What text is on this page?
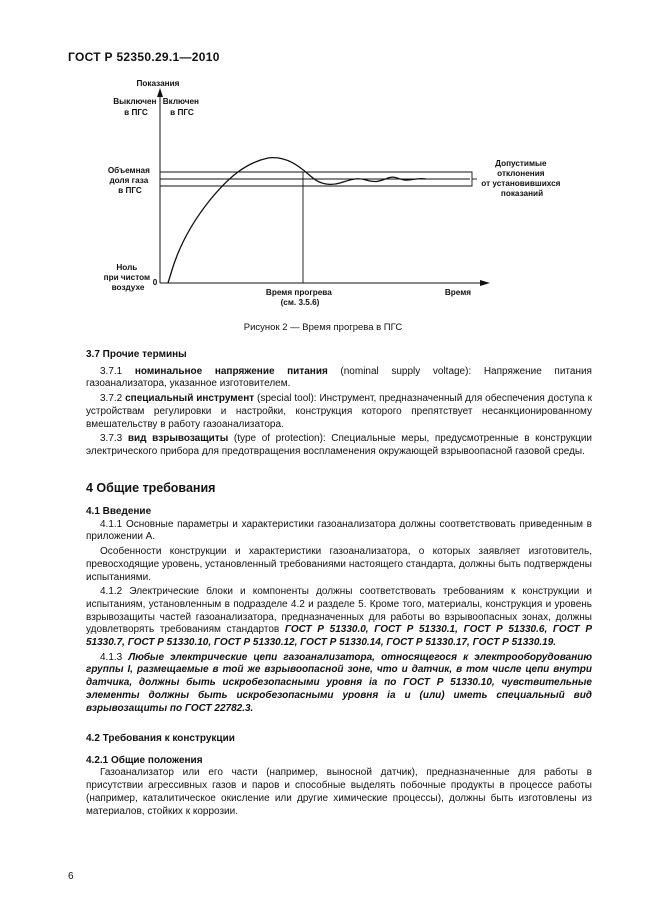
ГОСТ Р 52350.29.1—2010
Показания
Выключен в ПГС
Включен в ПГС
Объемная доля газа в ПГС
Ноль при чистом воздухе
0
Допустимые отклонения от установившихся показаний
Время прогрева (см. 3.5.6)
Время
Рисунок 2 — Время прогрева в ПГС
3.7 Прочие термины
3.7.1 номинальное напряжение питания (nominal supply voltage): Напряжение питания газоанализатора, указанное изготовителем.
3.7.2 специальный инструмент (special tool): Инструмент, предназначенный для обеспечения доступа к устройствам регулировки и настройки, конструкция которого препятствует несанкционированному вмешательству в работу газоанализатора.
3.7.3 вид взрывозащиты (type of protection): Специальные меры, предусмотренные в конструкции электрического прибора для предотвращения воспламенения окружающей взрывоопасной газовой среды.
4 Общие требования
4.1 Введение
4.1.1 Основные параметры и характеристики газоанализатора должны соответствовать приведенным в приложении А.
Особенности конструкции и характеристики газоанализатора, о которых заявляет изготовитель, превосходящие уровень, установленный требованиями настоящего стандарта, должны быть подтверждены испытаниями.
4.1.2 Электрические блоки и компоненты должны соответствовать требованиям к конструкции и испытаниям, установленным в подразделе 4.2 и разделе 5. Кроме того, материалы, конструкция и уровень взрывозащиты частей газоанализатора, предназначенных для работы во взрывоопасных зонах, должны удовлетворять требованиям стандартов ГОСТ Р 51330.0, ГОСТ Р 51330.1, ГОСТ Р 51330.6, ГОСТ Р 51330.7, ГОСТ Р 51330.10, ГОСТ Р 51330.12, ГОСТ Р 51330.14, ГОСТ Р 51330.17, ГОСТ Р 51330.19.
4.1.3 Любые электрические цепи газоанализатора, относящегося к электрооборудованию группы I, размещаемые в той же взрывоопасной зоне, что и датчик, в том числе цепи внутри датчика, должны быть искробезопасными уровня ia по ГОСТ Р 51330.10, чувствительные элементы должны быть искробезопасными уровня ia и (или) иметь специальный вид взрывозащиты по ГОСТ 22782.3.
4.2 Требования к конструкции
4.2.1 Общие положения
Газоанализатор или его части (например, выносной датчик), предназначенные для работы в присутствии агрессивных газов и паров и способные выделять побочные продукты в процессе работы (например, каталитическое окисление или другие химические процессы), должны быть изготовлены из материалов, стойких к коррозии.
6
